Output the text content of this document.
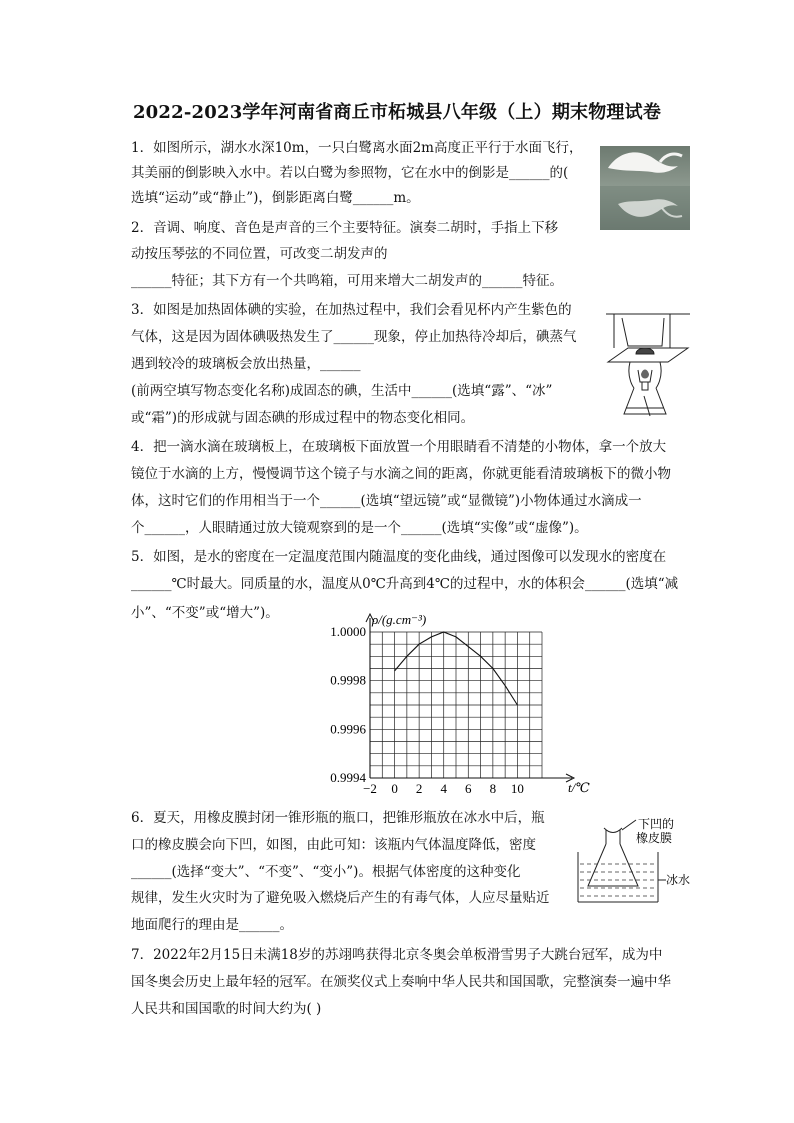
2022-2023学年河南省商丘市柘城县八年级（上）期末物理试卷
1．如图所示，湖水水深10m，一只白鹭离水面2m高度正平行于水面飞行，
其美丽的倒影映入水中。若以白鹭为参照物，它在水中的倒影是______的(
选填“运动”或“静止”)，倒影距离白鹭______m。
2．音调、响度、音色是声音的三个主要特征。演奏二胡时，手指上下移
动按压琴弦的不同位置，可改变二胡发声的
______特征；其下方有一个共鸣箱，可用来增大二胡发声的______特征。
3．如图是加热固体碘的实验，在加热过程中，我们会看见杯内产生紫色的
气体，这是因为固体碘吸热发生了______现象，停止加热待冷却后，碘蒸气
遇到较冷的玻璃板会放出热量，______
(前两空填写物态变化名称)成固态的碘，生活中______(选填“露”、“冰”
或“霜”)的形成就与固态碘的形成过程中的物态变化相同。
4．把一滴水滴在玻璃板上，在玻璃板下面放置一个用眼睛看不清楚的小物体，拿一个放大
镜位于水滴的上方，慢慢调节这个镜子与水滴之间的距离，你就更能看清玻璃板下的微小物
体，这时它们的作用相当于一个______(选填“望远镜”或“显微镜”)小物体通过水滴成一
个______，人眼睛通过放大镜观察到的是一个______(选填“实像”或“虚像”)。
5．如图，是水的密度在一定温度范围内随温度的变化曲线，通过图像可以发现水的密度在
______℃时最大。同质量的水，温度从0℃升高到4℃的过程中，水的体积会______(选填“减
小”、“不变”或“增大”)。
6．夏天，用橡皮膜封闭一锥形瓶的瓶口，把锥形瓶放在冰水中后，瓶
口的橡皮膜会向下凹，如图，由此可知：该瓶内气体温度降低，密度
______(选择“变大”、“不变”、“变小”)。根据气体密度的这种变化
规律，发生火灾时为了避免吸入燃烧后产生的有毒气体，人应尽量贴近
地面爬行的理由是______。
7．2022年2月15日未满18岁的苏翊鸣获得北京冬奥会单板滑雪男子大跳台冠军，成为中
国冬奥会历史上最年轻的冠军。在颁奖仪式上奏响中华人民共和国国歌，完整演奏一遍中华
人民共和国国歌的时间大约为( )
−2 0 2 4 6 8 10
0.9994
0.9996
0.9998
1.0000
ρ/(g.cm⁻³)
t/℃
下凹的
橡皮膜
冰水
